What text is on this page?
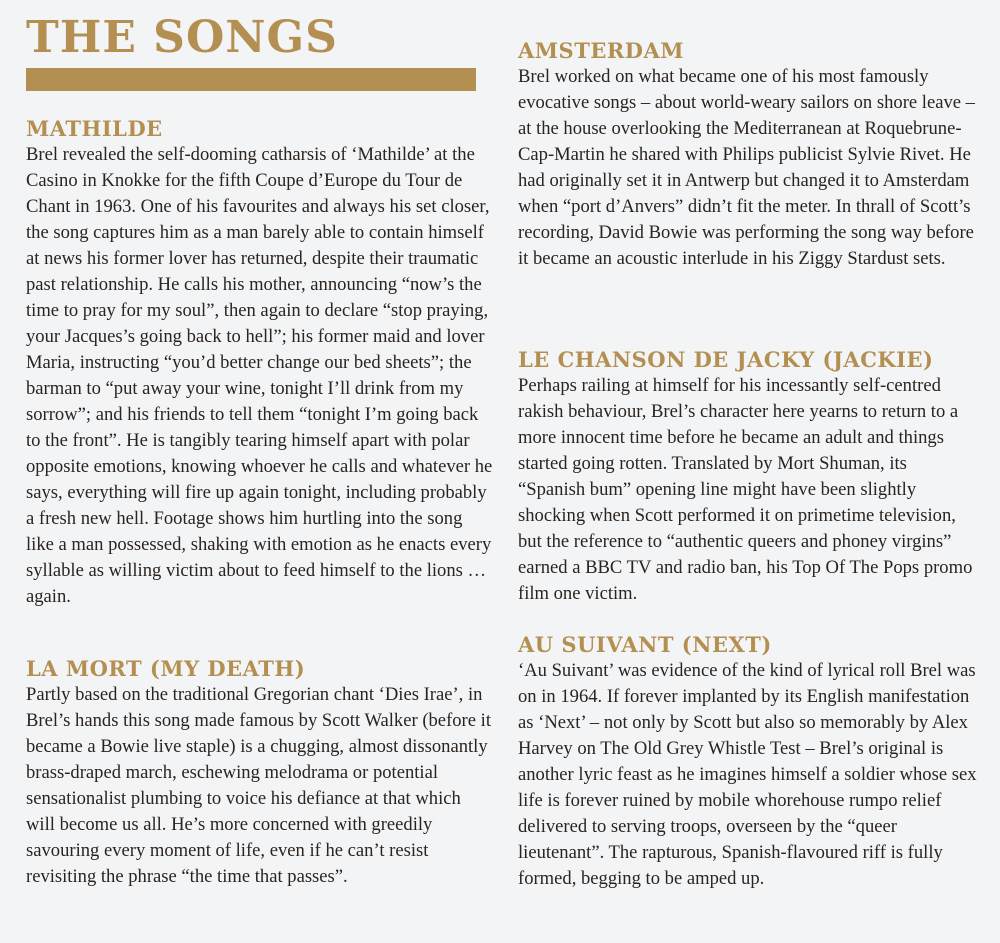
THE SONGS
MATHILDE

Brel revealed the self-dooming catharsis of ‘Mathilde’ at the Casino in Knokke for the fifth Coupe d’Europe du Tour de Chant in 1963. One of his favourites and always his set closer, the song captures him as a man barely able to contain himself at news his former lover has returned, despite their traumatic past relationship. He calls his mother, announcing “now’s the time to pray for my soul”, then again to declare “stop praying, your Jacques’s going back to hell”; his former maid and lover Maria, instructing “you’d better change our bed sheets”; the barman to “put away your wine, tonight I’ll drink from my sorrow”; and his friends to tell them “tonight I’m going back to the front”. He is tangibly tearing himself apart with polar opposite emotions, knowing whoever he calls and whatever he says, everything will fire up again tonight, including probably a fresh new hell. Footage shows him hurtling into the song like a man possessed, shaking with emotion as he enacts every syllable as willing victim about to feed himself to the lions … again.

LA MORT (MY DEATH)

Partly based on the traditional Gregorian chant ‘Dies Irae’, in Brel’s hands this song made famous by Scott Walker (before it became a Bowie live staple) is a chugging, almost dissonantly brass-draped march, eschewing melodrama or potential sensationalist plumbing to voice his defiance at that which will become us all. He’s more concerned with greedily savouring every moment of life, even if he can’t resist revisiting the phrase “the time that passes”.

AMSTERDAM

Brel worked on what became one of his most famously evocative songs – about world-weary sailors on shore leave – at the house overlooking the Mediterranean at Roquebrune-Cap-Martin he shared with Philips publicist Sylvie Rivet. He had originally set it in Antwerp but changed it to Amsterdam when “port d’Anvers” didn’t fit the meter. In thrall of Scott’s recording, David Bowie was performing the song way before it became an acoustic interlude in his Ziggy Stardust sets.

LE CHANSON DE JACKY (JACKIE)

Perhaps railing at himself for his incessantly self-centred rakish behaviour, Brel’s character here yearns to return to a more innocent time before he became an adult and things started going rotten. Translated by Mort Shuman, its “Spanish bum” opening line might have been slightly shocking when Scott performed it on primetime television, but the reference to “authentic queers and phoney virgins” earned a BBC TV and radio ban, his Top Of The Pops promo film one victim.

AU SUIVANT (NEXT)

‘Au Suivant’ was evidence of the kind of lyrical roll Brel was on in 1964. If forever implanted by its English manifestation as ‘Next’ – not only by Scott but also so memorably by Alex Harvey on The Old Grey Whistle Test – Brel’s original is another lyric feast as he imagines himself a soldier whose sex life is forever ruined by mobile whorehouse rumpo relief delivered to serving troops, overseen by the “queer lieutenant”. The rapturous, Spanish-flavoured riff is fully formed, begging to be amped up.
